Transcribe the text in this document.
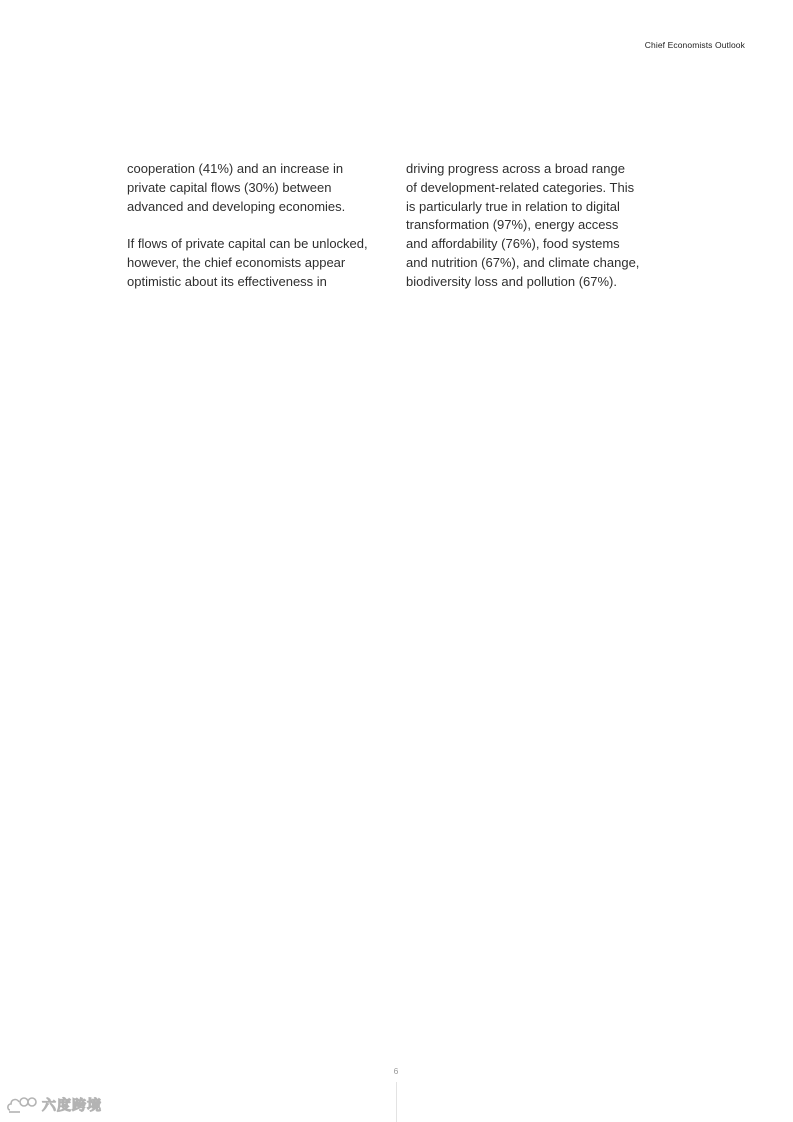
Chief Economists Outlook

cooperation (41%) and an increase in
private capital flows (30%) between
advanced and developing economies.

If flows of private capital can be unlocked,
however, the chief economists appear
optimistic about its effectiveness in

driving progress across a broad range
of development-related categories. This
is particularly true in relation to digital
transformation (97%), energy access
and affordability (76%), food systems
and nutrition (67%), and climate change,
biodiversity loss and pollution (67%).

6
六度跨境
